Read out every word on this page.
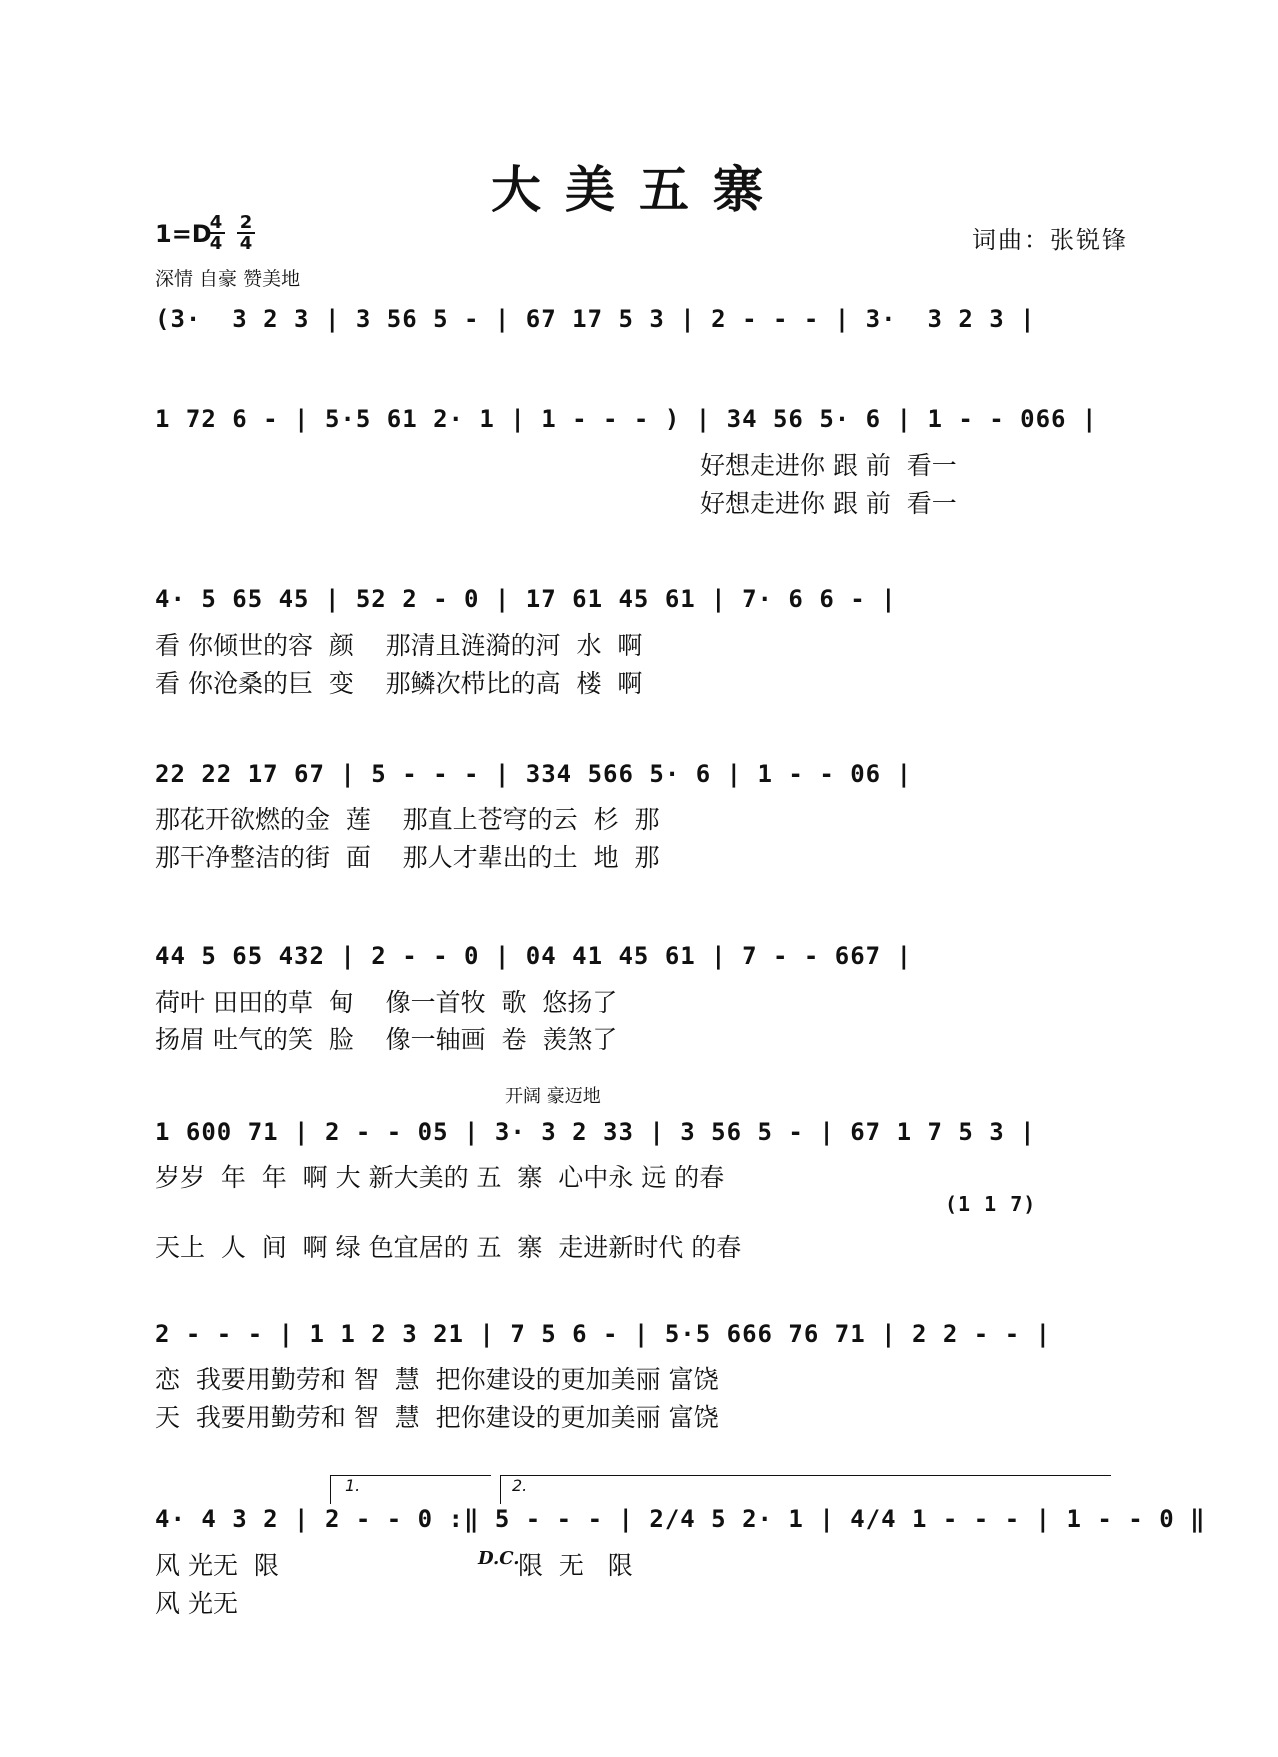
大美五寨
1=D
4
4
2
4
深情 自豪 赞美地
词曲：张锐锋
(3·  3 2 3 | 3 56 5 - | 67 17 5 3 | 2 - - - | 3·  3 2 3 |
1 72 6 - | 5·5 61 2· 1 | 1 - - - ) | 34 56 5· 6 | 1 - - 066 |
好想走进你 跟 前  看一
好想走进你 跟 前  看一
4· 5 65 45 | 52 2 - 0 | 17 61 45 61 | 7· 6 6 - |
看 你倾世的容  颜    那清且涟漪的河  水  啊
看 你沧桑的巨  变    那鳞次栉比的高  楼  啊
22 22 17 67 | 5 - - - | 334 566 5· 6 | 1 - - 06 |
那花开欲燃的金  莲    那直上苍穹的云  杉  那
那干净整洁的街  面    那人才辈出的土  地  那
44 5 65 432 | 2 - - 0 | 04 41 45 61 | 7 - - 667 |
荷叶 田田的草  甸    像一首牧  歌  悠扬了
扬眉 吐气的笑  脸    像一轴画  卷  羡煞了
开阔 豪迈地
1 600 71 | 2 - - 05 | 3· 3 2 33 | 3 56 5 - | 67 1 7 5 3 |
岁岁  年  年  啊 大 新大美的 五  寨  心中永 远 的春
(1 1 7)
天上  人  间  啊 绿 色宜居的 五  寨  走进新时代 的春
2 - - - | 1 1 2 3 21 | 7 5 6 - | 5·5 666 76 71 | 2 2 - - |
恋  我要用勤劳和 智  慧  把你建设的更加美丽 富饶
天  我要用勤劳和 智  慧  把你建设的更加美丽 富饶
1.	2.
4· 4 3 2 | 2 - - 0 :‖ 5 - - - | 2/4 5 2· 1 | 4/4 1 - - - | 1 - - 0 ‖
风 光无  限	D.C.
限  无   限
风 光无
